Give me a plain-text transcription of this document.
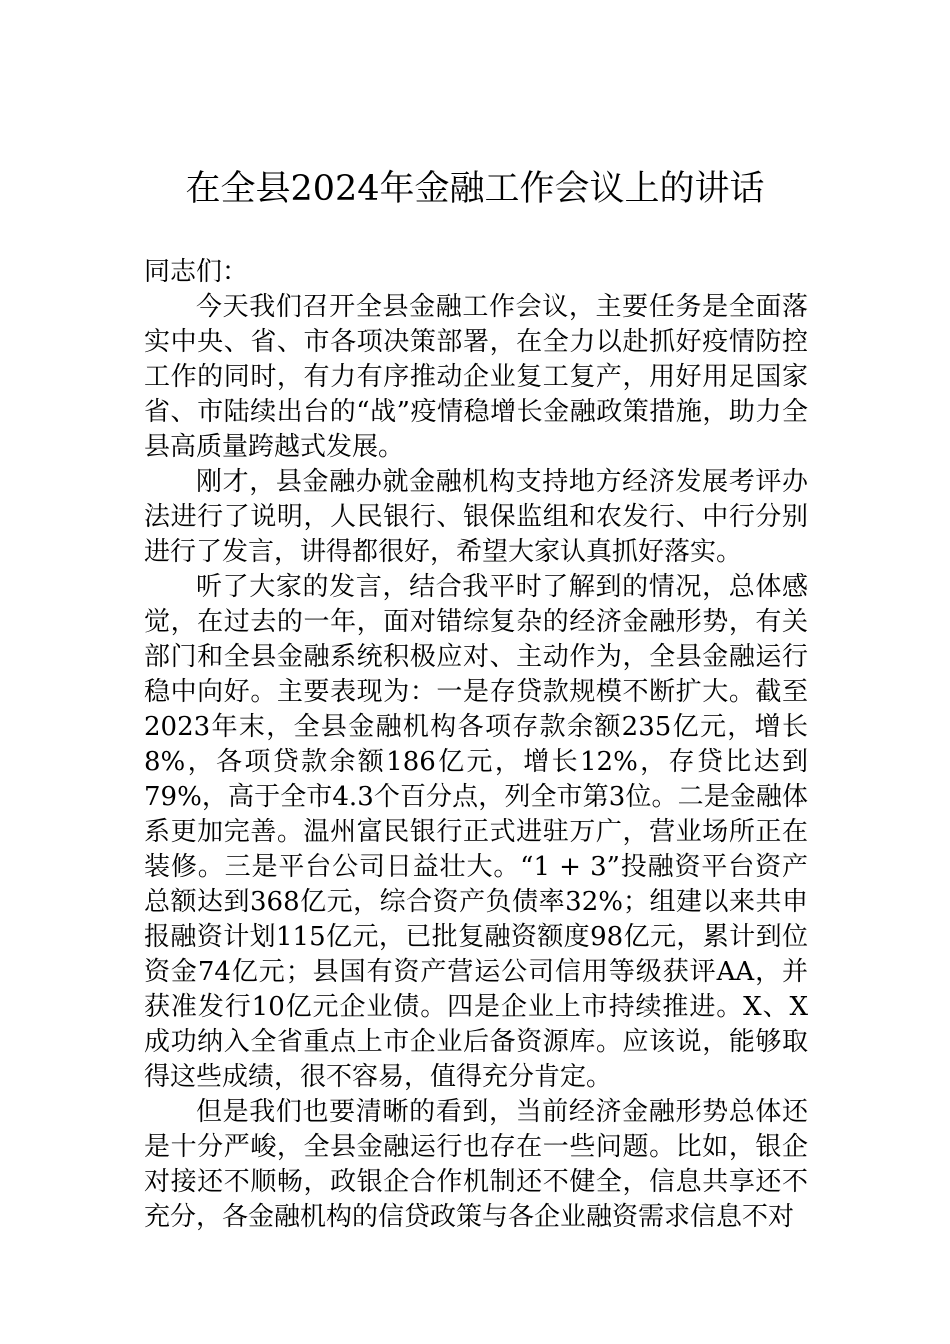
在全县2024年金融工作会议上的讲话

同志们：

今天我们召开全县金融工作会议，主要任务是全面落实中央、省、市各项决策部署，在全力以赴抓好疫情防控工作的同时，有力有序推动企业复工复产，用好用足国家省、市陆续出台的“战”疫情稳增长金融政策措施，助力全县高质量跨越式发展。

刚才，县金融办就金融机构支持地方经济发展考评办法进行了说明，人民银行、银保监组和农发行、中行分别进行了发言，讲得都很好，希望大家认真抓好落实。

听了大家的发言，结合我平时了解到的情况，总体感觉，在过去的一年，面对错综复杂的经济金融形势，有关部门和全县金融系统积极应对、主动作为，全县金融运行稳中向好。主要表现为：一是存贷款规模不断扩大。截至2023年末，全县金融机构各项存款余额235亿元，增长8%，各项贷款余额186亿元，增长12%，存贷比达到79%，高于全市4.3个百分点，列全市第3位。二是金融体系更加完善。温州富民银行正式进驻万广，营业场所正在装修。三是平台公司日益壮大。“1 + 3”投融资平台资产总额达到368亿元，综合资产负债率32%；组建以来共申报融资计划115亿元，已批复融资额度98亿元，累计到位资金74亿元；县国有资产营运公司信用等级获评AA，并获准发行10亿元企业债。四是企业上市持续推进。X、X成功纳入全省重点上市企业后备资源库。应该说，能够取得这些成绩，很不容易，值得充分肯定。

但是我们也要清晰的看到，当前经济金融形势总体还是十分严峻，全县金融运行也存在一些问题。比如，银企对接还不顺畅，政银企合作机制还不健全，信息共享还不充分，各金融机构的信贷政策与各企业融资需求信息不对
